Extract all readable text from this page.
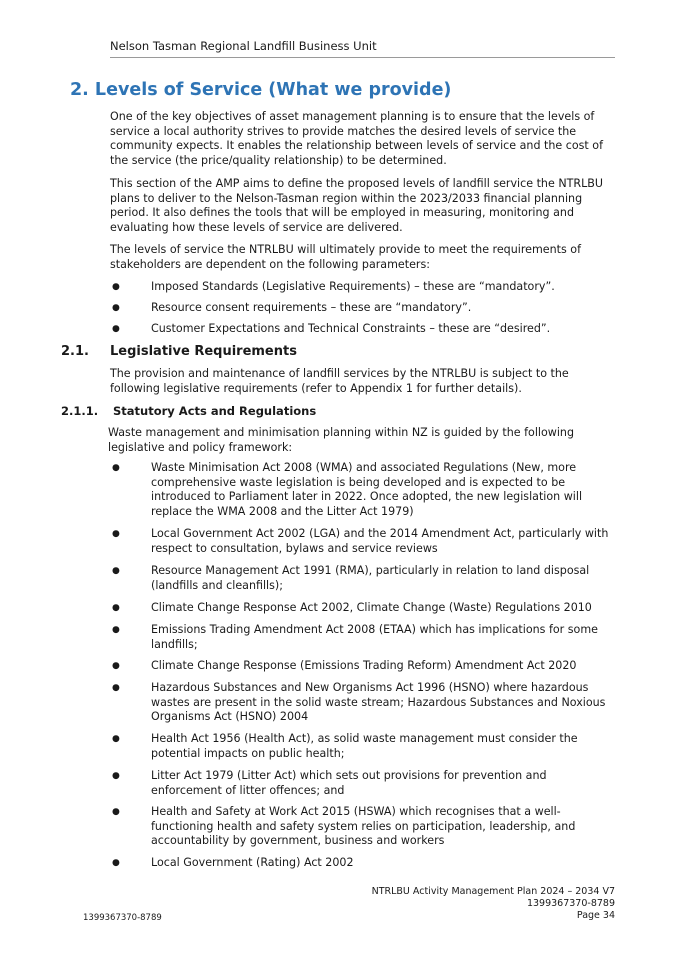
Nelson Tasman Regional Landfill Business Unit
2. Levels of Service (What we provide)

One of the key objectives of asset management planning is to ensure that the levels of service a local authority strives to provide matches the desired levels of service the community expects. It enables the relationship between levels of service and the cost of the service (the price/quality relationship) to be determined.

This section of the AMP aims to define the proposed levels of landfill service the NTRLBU plans to deliver to the Nelson-Tasman region within the 2023/2033 financial planning period. It also defines the tools that will be employed in measuring, monitoring and evaluating how these levels of service are delivered.

The levels of service the NTRLBU will ultimately provide to meet the requirements of stakeholders are dependent on the following parameters:

●	Imposed Standards (Legislative Requirements) – these are “mandatory”.
●	Resource consent requirements – these are “mandatory”.
●	Customer Expectations and Technical Constraints – these are “desired”.
2.1. Legislative Requirements

The provision and maintenance of landfill services by the NTRLBU is subject to the following legislative requirements (refer to Appendix 1 for further details).

2.1.1. Statutory Acts and Regulations

Waste management and minimisation planning within NZ is guided by the following legislative and policy framework:

●	Waste Minimisation Act 2008 (WMA) and associated Regulations (New, more comprehensive waste legislation is being developed and is expected to be introduced to Parliament later in 2022. Once adopted, the new legislation will replace the WMA 2008 and the Litter Act 1979)
●	Local Government Act 2002 (LGA) and the 2014 Amendment Act, particularly with respect to consultation, bylaws and service reviews
●	Resource Management Act 1991 (RMA), particularly in relation to land disposal (landfills and cleanfills);
●	Climate Change Response Act 2002, Climate Change (Waste) Regulations 2010
●	Emissions Trading Amendment Act 2008 (ETAA) which has implications for some landfills;
●	Climate Change Response (Emissions Trading Reform) Amendment Act 2020
●	Hazardous Substances and New Organisms Act 1996 (HSNO) where hazardous wastes are present in the solid waste stream; Hazardous Substances and Noxious Organisms Act (HSNO) 2004
●	Health Act 1956 (Health Act), as solid waste management must consider the potential impacts on public health;
●	Litter Act 1979 (Litter Act) which sets out provisions for prevention and enforcement of litter offences; and
●	Health and Safety at Work Act 2015 (HSWA) which recognises that a well-functioning health and safety system relies on participation, leadership, and accountability by government, business and workers
●	Local Government (Rating) Act 2002
NTRLBU Activity Management Plan 2024 – 2034 V7
1399367370-8789
Page 34
1399367370-8789
